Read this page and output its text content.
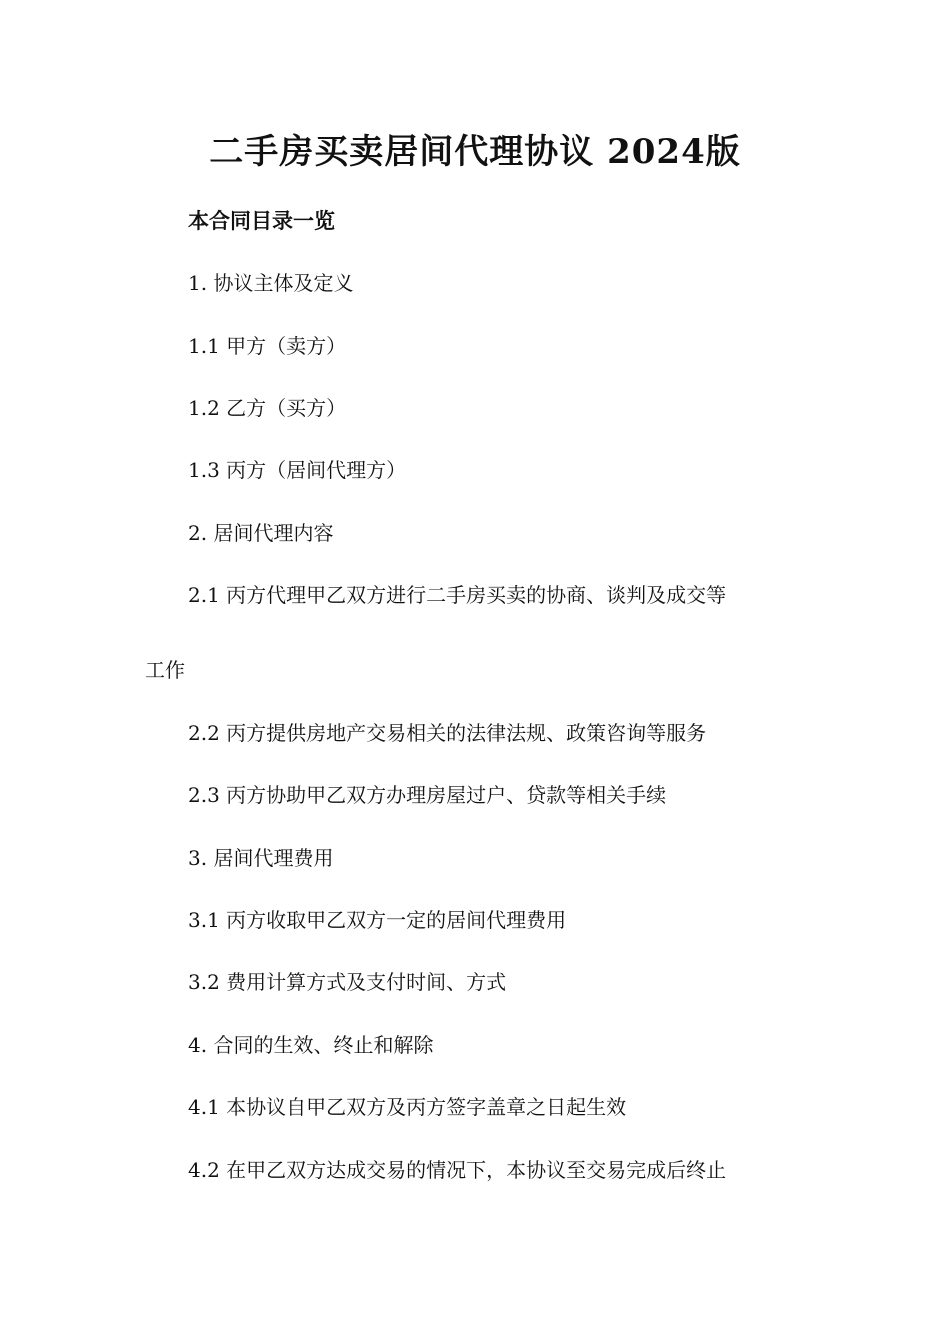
二手房买卖居间代理协议 2024版
本合同目录一览
1. 协议主体及定义
1.1 甲方（卖方）
1.2 乙方（买方）
1.3 丙方（居间代理方）
2. 居间代理内容
2.1 丙方代理甲乙双方进行二手房买卖的协商、谈判及成交等
工作
2.2 丙方提供房地产交易相关的法律法规、政策咨询等服务
2.3 丙方协助甲乙双方办理房屋过户、贷款等相关手续
3. 居间代理费用
3.1 丙方收取甲乙双方一定的居间代理费用
3.2 费用计算方式及支付时间、方式
4. 合同的生效、终止和解除
4.1 本协议自甲乙双方及丙方签字盖章之日起生效
4.2 在甲乙双方达成交易的情况下，本协议至交易完成后终止
